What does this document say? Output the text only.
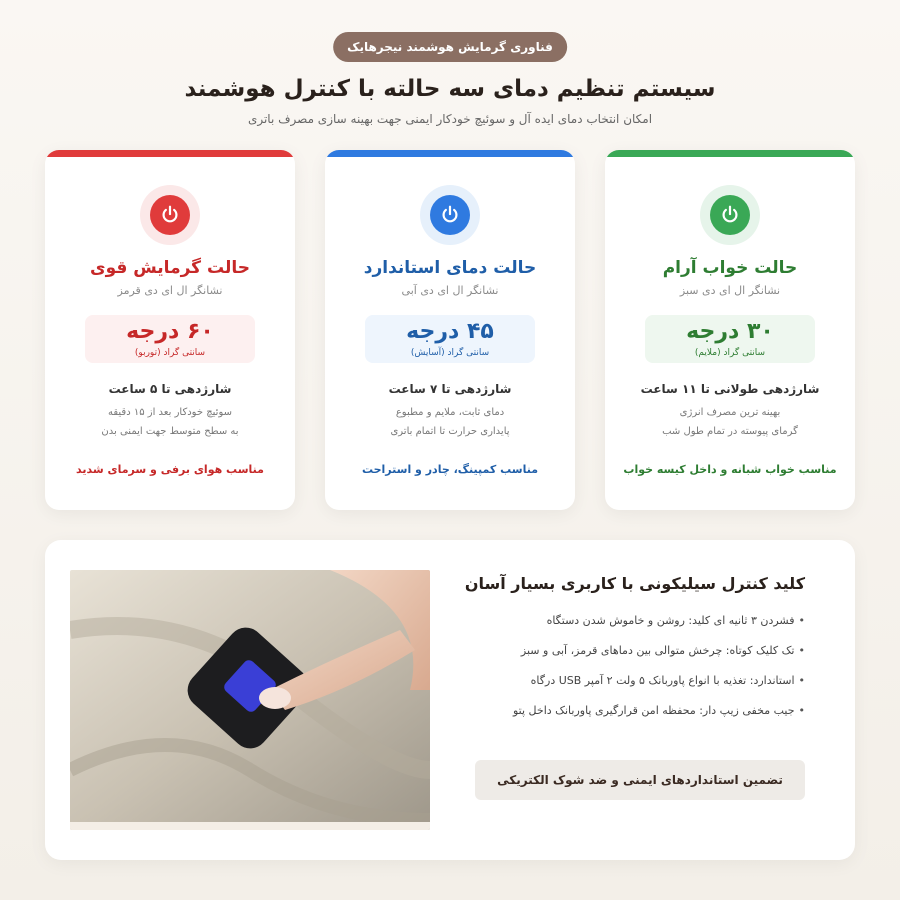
فناوری گرمایش هوشمند نیجرهایک
سیستم تنظیم دمای سه حالته با کنترل هوشمند
امکان انتخاب دمای ایده آل و سوئیچ خودکار ایمنی جهت بهینه سازی مصرف باتری
حالت خواب آرام
نشانگر ال ای دی سبز
۳۰ درجه
سانتی گراد (ملایم)
شارژدهی طولانی تا ۱۱ ساعت
بهینه ترین مصرف انرژی
گرمای پیوسته در تمام طول شب
مناسب خواب شبانه و داخل کیسه خواب
حالت دمای استاندارد
نشانگر ال ای دی آبی
۴۵ درجه
سانتی گراد (آسایش)
شارژدهی تا ۷ ساعت
دمای ثابت، ملایم و مطبوع
پایداری حرارت تا اتمام باتری
مناسب کمپینگ، چادر و استراحت
حالت گرمایش قوی
نشانگر ال ای دی قرمز
۶۰ درجه
سانتی گراد (توربو)
شارژدهی تا ۵ ساعت
سوئیچ خودکار بعد از ۱۵ دقیقه
به سطح متوسط جهت ایمنی بدن
مناسب هوای برفی و سرمای شدید
کلید کنترل سیلیکونی با کاربری بسیار آسان
•فشردن ۳ ثانیه ای کلید: روشن و خاموش شدن دستگاه
•تک کلیک کوتاه: چرخش متوالی بین دماهای قرمز، آبی و سبز
•استاندارد: تغذیه با انواع پاوربانک ۵ ولت ۲ آمپر USB درگاه
•جیب مخفی زیپ دار: محفظه امن قرارگیری پاوربانک داخل پتو
تضمین استانداردهای ایمنی و ضد شوک الکتریکی
